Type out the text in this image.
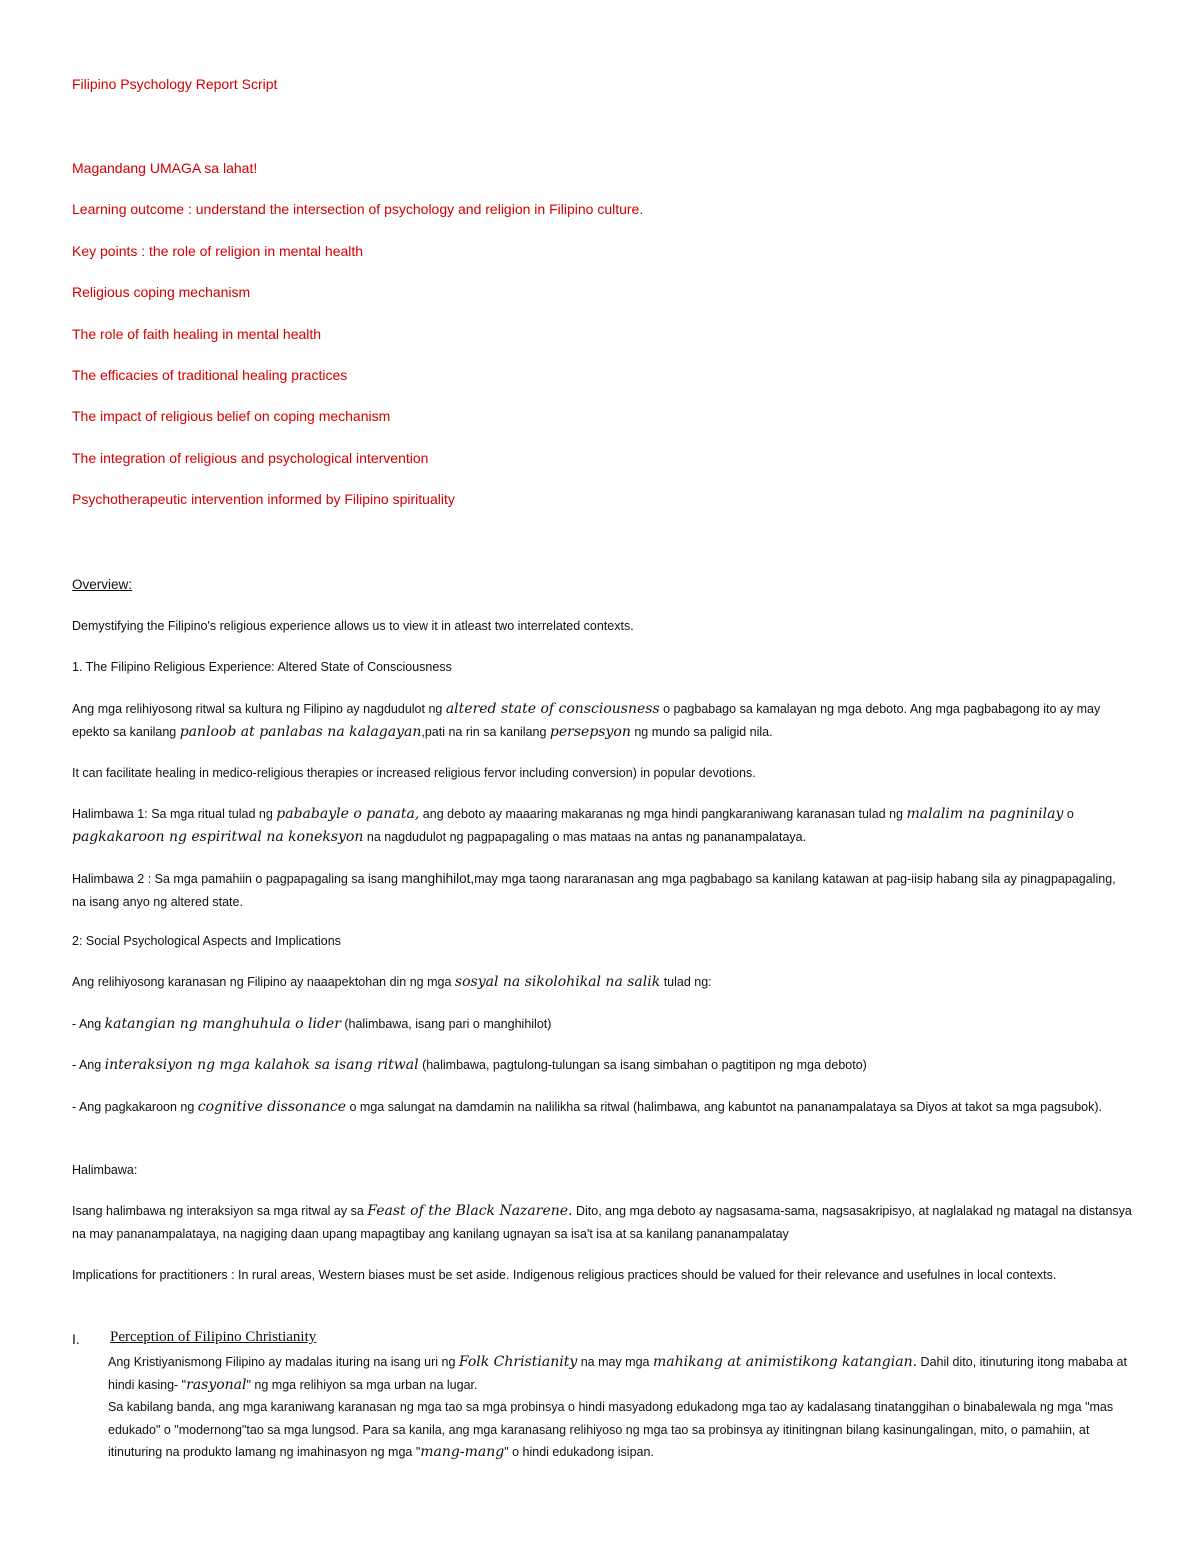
Filipino Psychology Report Script
Magandang UMAGA sa lahat!
Learning outcome : understand the intersection of psychology and religion in Filipino culture.
Key points : the role of religion in mental health
Religious coping mechanism
The role of faith healing in mental health
The efficacies of traditional healing practices
The impact of religious belief on coping mechanism
The integration of religious and psychological intervention
Psychotherapeutic intervention informed by Filipino spirituality
Overview:
Demystifying the Filipino's religious experience allows us to view it in atleast two interrelated contexts.
1. The Filipino Religious Experience: Altered State of Consciousness
Ang mga relihiyosong ritwal sa kultura ng Filipino ay nagdudulot ng altered state of consciousness o pagbabago sa kamalayan ng mga deboto. Ang mga pagbabagong ito ay may epekto sa kanilang panloob at panlabas na kalagayan,pati na rin sa kanilang persepsyon ng mundo sa paligid nila.
It can facilitate healing in medico-religious therapies or increased religious fervor including conversion) in popular devotions.
Halimbawa 1: Sa mga ritual tulad ng pababayle o panata, ang deboto ay maaaring makaranas ng mga hindi pangkaraniwang karanasan tulad ng malalim na pagninilay o pagkakaroon ng espiritwal na koneksyon na nagdudulot ng pagpapagaling o mas mataas na antas ng pananampalataya.
Halimbawa 2 : Sa mga pamahiin o pagpapagaling sa isang manghihilot,may mga taong nararanasan ang mga pagbabago sa kanilang katawan at pag-iisip habang sila ay pinagpapagaling, na isang anyo ng altered state.
2: Social Psychological Aspects and Implications
Ang relihiyosong karanasan ng Filipino ay naaapektohan din ng mga sosyal na sikolohikal na salik tulad ng:
- Ang katangian ng manghuhula o lider (halimbawa, isang pari o manghihilot)
- Ang interaksiyon ng mga kalahok sa isang ritwal (halimbawa, pagtulong-tulungan sa isang simbahan o pagtitipon ng mga deboto)
- Ang pagkakaroon ng cognitive dissonance o mga salungat na damdamin na nalilikha sa ritwal (halimbawa, ang kabuntot na pananampalataya sa Diyos at takot sa mga pagsubok).
Halimbawa:
Isang halimbawa ng interaksiyon sa mga ritwal ay sa Feast of the Black Nazarene. Dito, ang mga deboto ay nagsasama-sama, nagsasakripisyo, at naglalakad ng matagal na distansya na may pananampalataya, na nagiging daan upang mapagtibay ang kanilang ugnayan sa isa't isa at sa kanilang pananampalatay
Implications for practitioners : In rural areas, Western biases must be set aside. Indigenous religious practices should be valued for their relevance and usefulnes in local contexts.
I. Perception of Filipino Christianity
Ang Kristiyanismong Filipino ay madalas ituring na isang uri ng Folk Christianity na may mga mahikang at animistikong katangian. Dahil dito, itinuturing itong mababa at hindi kasing- "rasyonal" ng mga relihiyon sa mga urban na lugar.
Sa kabilang banda, ang mga karaniwang karanasan ng mga tao sa mga probinsya o hindi masyadong edukadong mga tao ay kadalasang tinatanggihan o binabalewala ng mga "mas edukado" o "modernong"tao sa mga lungsod. Para sa kanila, ang mga karanasang relihiyoso ng mga tao sa probinsya ay itinitingnan bilang kasinungalingan, mito, o pamahiin, at itinuturing na produkto lamang ng imahinasyon ng mga "mang-mang" o hindi edukadong isipan.
